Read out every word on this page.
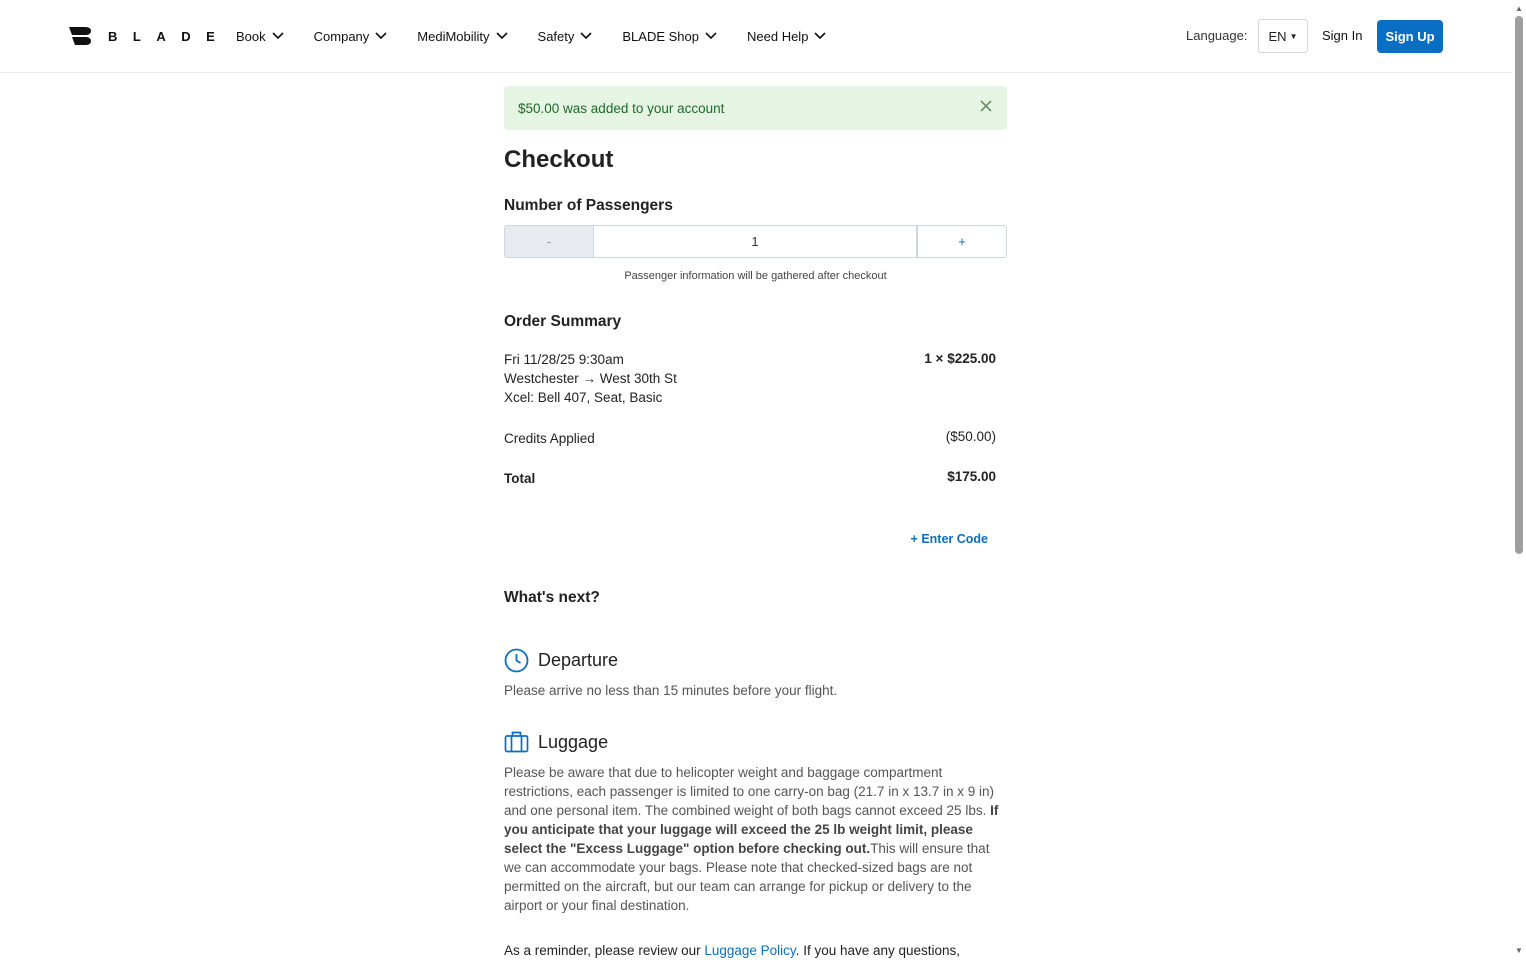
BLADE Book	Company	MediMobility	Safety	BLADE Shop	Need Help	Language: EN ▼ Sign In	Sign Up
▲
▼
$50.00 was added to your account
Checkout
Number of Passengers
-
1	+
Passenger information will be gathered after checkout
Order Summary
Fri 11/28/25 9:30am
Westchester → West 30th St
Xcel: Bell 407, Seat, Basic
1 × $225.00
Credits Applied	($50.00)
Total	$175.00
+ Enter Code
What's next?
Departure
Please arrive no less than 15 minutes before your flight.
Luggage
Please be aware that due to helicopter weight and baggage compartment restrictions, each passenger is limited to one carry-on bag (21.7 in x 13.7 in x 9 in) and one personal item. The combined weight of both bags cannot exceed 25 lbs. If you anticipate that your luggage will exceed the 25 lb weight limit, please select the "Excess Luggage" option before checking out.This will ensure that we can accommodate your bags. Please note that checked-sized bags are not permitted on the aircraft, but our team can arrange for pickup or delivery to the airport or your final destination.
As a reminder, please review our Luggage Policy. If you have any questions,
